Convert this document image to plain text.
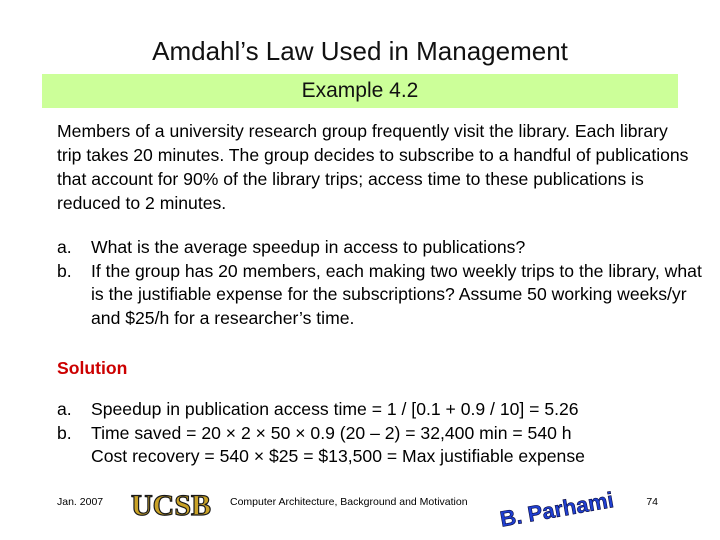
Amdahl’s Law Used in Management
Example 4.2
Members of a university research group frequently visit the library. Each library trip takes 20 minutes. The group decides to subscribe to a handful of publications that account for 90% of the library trips; access time to these publications is reduced to 2 minutes.
a. What is the average speedup in access to publications?
b. If the group has 20 members, each making two weekly trips to the library, what is the justifiable expense for the subscriptions? Assume 50 working weeks/yr and $25/h for a researcher’s time.
Solution
a. Speedup in publication access time = 1 / [0.1 + 0.9 / 10] = 5.26
b. Time saved = 20 × 2 × 50 × 0.9 (20 – 2) = 32,400 min = 540 h
Cost recovery = 540 × $25 = $13,500 = Max justifiable expense
Jan. 2007 UCSB Computer Architecture, Background and Motivation B. Parhami	74
